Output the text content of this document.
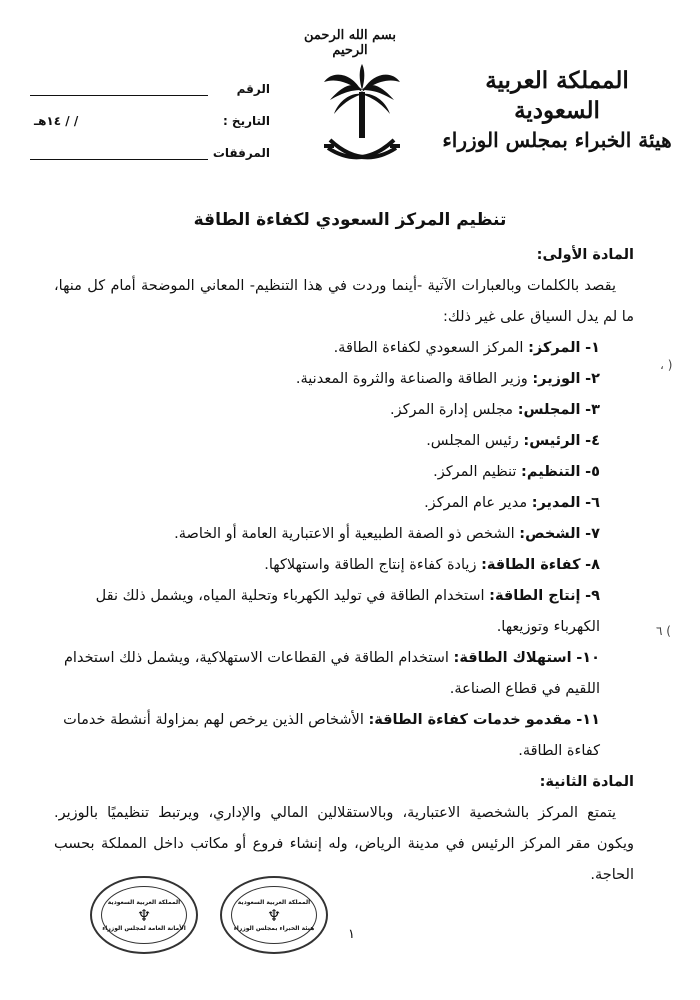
بسم الله الرحمن الرحيم
المملكة العربية السعودية
هيئة الخبراء بمجلس الوزراء
الرقم
التاريخ :
/ / ١٤هـ
المرفقات
تنظيم المركز السعودي لكفاءة الطاقة

المادة الأولى:

يقصد بالكلمات وبالعبارات الآتية -أينما وردت في هذا التنظيم- المعاني الموضحة أمام كل منها، ما لم يدل السياق على غير ذلك:

١- المركز: المركز السعودي لكفاءة الطاقة.

٢- الوزير: وزير الطاقة والصناعة والثروة المعدنية.

٣- المجلس: مجلس إدارة المركز.

٤- الرئيس: رئيس المجلس.

٥- التنظيم: تنظيم المركز.

٦- المدير: مدير عام المركز.

٧- الشخص: الشخص ذو الصفة الطبيعية أو الاعتبارية العامة أو الخاصة.

٨- كفاءة الطاقة: زيادة كفاءة إنتاج الطاقة واستهلاكها.

٩- إنتاج الطاقة: استخدام الطاقة في توليد الكهرباء وتحلية المياه، ويشمل ذلك نقل الكهرباء وتوزيعها.

١٠- استهلاك الطاقة: استخدام الطاقة في القطاعات الاستهلاكية، ويشمل ذلك استخدام اللقيم في قطاع الصناعة.

١١- مقدمو خدمات كفاءة الطاقة: الأشخاص الذين يرخص لهم بمزاولة أنشطة خدمات كفاءة الطاقة.

المادة الثانية:

يتمتع المركز بالشخصية الاعتبارية، وبالاستقلالين المالي والإداري، ويرتبط تنظيميًا بالوزير. ويكون مقر المركز الرئيس في مدينة الرياض، وله إنشاء فروع أو مكاتب داخل المملكة بحسب الحاجة.

( ،
) ٦
المملكة العربية السعودية
♆
الأمانة العامة لمجلس الوزراء
المملكة العربية السعودية
♆
هيئة الخبراء بمجلس الوزراء	١
